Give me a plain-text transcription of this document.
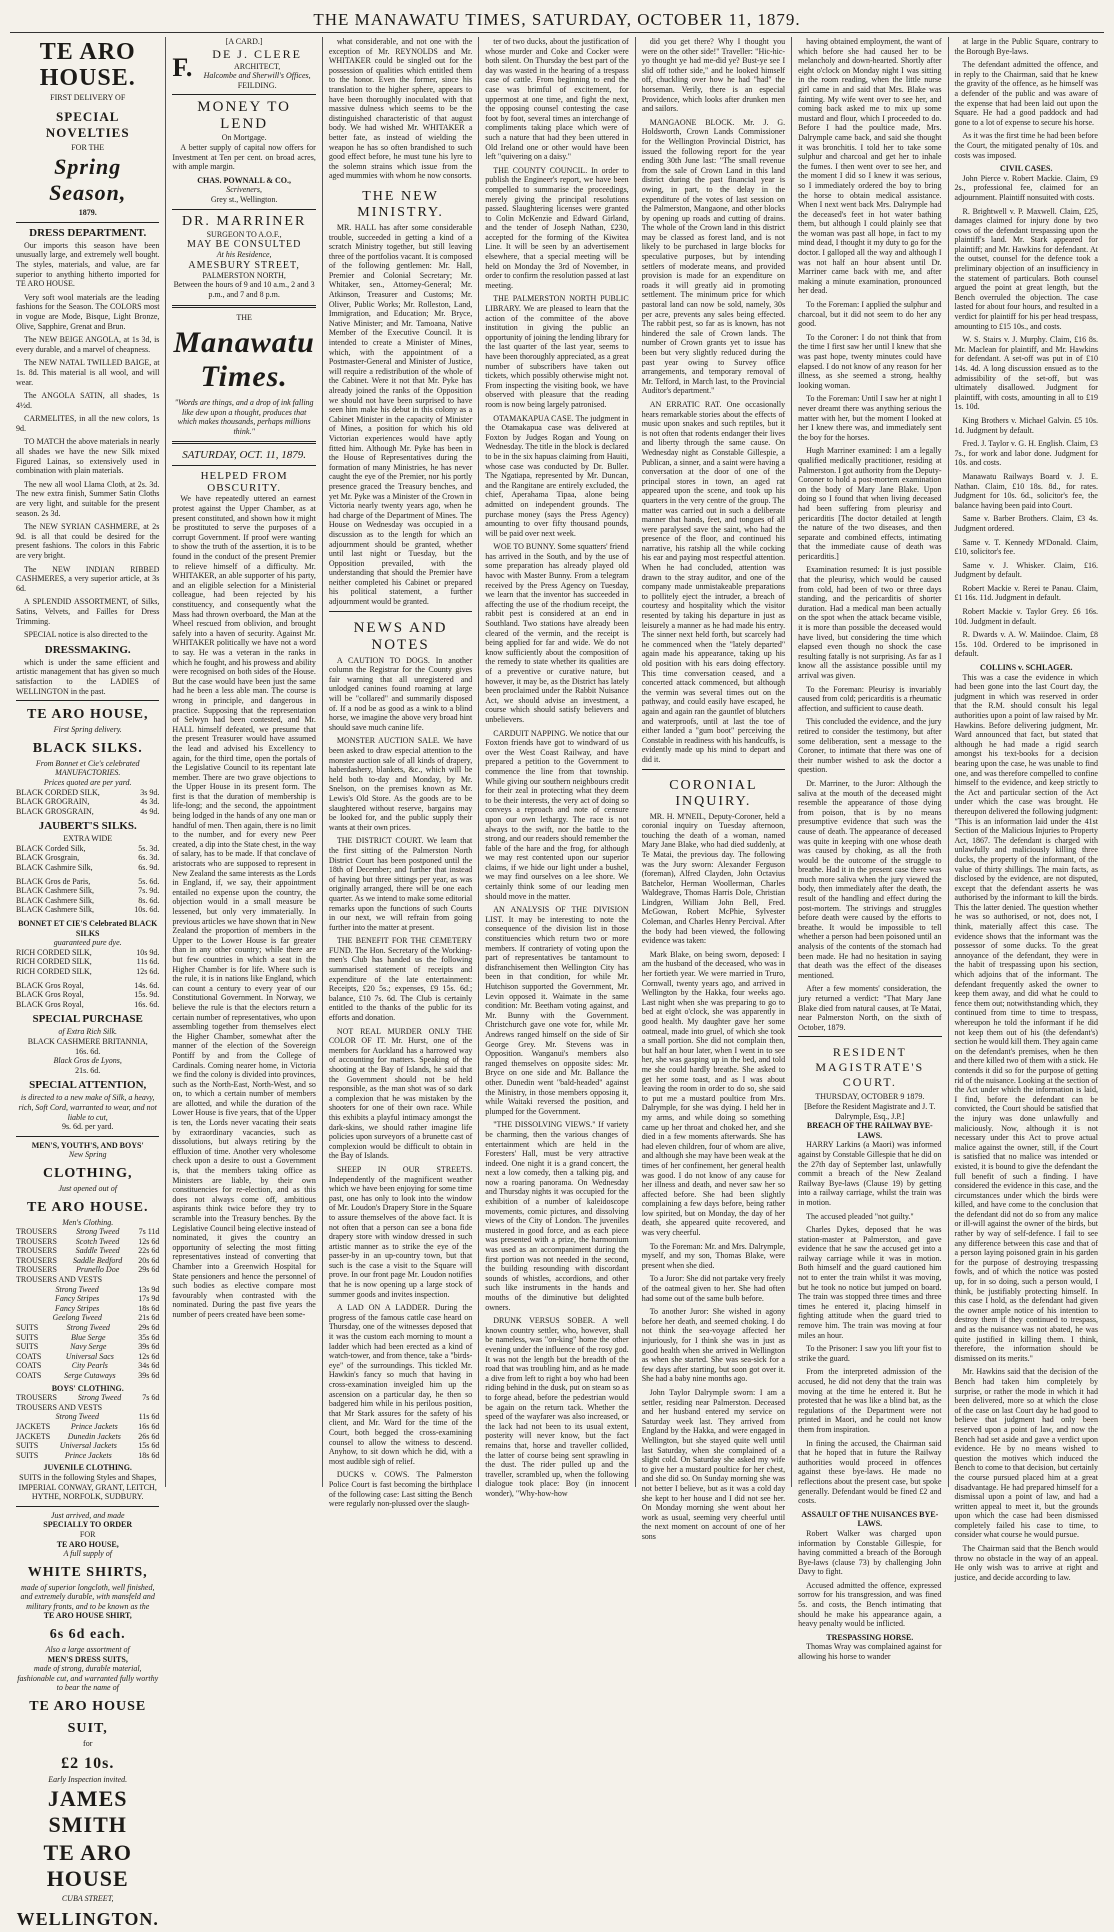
THE MANAWATU TIMES, SATURDAY, OCTOBER 11, 1879.
TE ARO HOUSE.
FIRST DELIVERY OF
SPECIAL NOVELTIES
FOR THE
Spring Season,
1879.
DRESS DEPARTMENT.

Our imports this season have been unusually large, and extremely well bought. The styles, materials, and value, are far superior to anything hitherto imported for TE ARO HOUSE.

Very soft wool materials are the leading fashions for the Season. The COLORS most in vogue are Mode, Bisque, Light Bronze, Olive, Sapphire, Grenat and Brun.

The NEW BEIGE ANGOLA, at 1s 3d, is every durable, and a marvel of cheapness.

The NEW NATAL TWILLED BAIGE, at 1s. 8d. This material is all wool, and will wear.

The ANGOLA SATIN, all shades, 1s 4½d.

CARMELITES, in all the new colors, 1s 9d.

TO MATCH the above materials in nearly all shades we have the new Silk mixed Figured Lainas, so extensively used in combination with plain materials.

The new all wool Llama Cloth, at 2s. 3d. The new extra finish, Summer Satin Cloths are very light, and suitable for the present season. 2s 3d.

The NEW SYRIAN CASHMERE, at 2s 9d. is all that could be desired for the present fashions. The colors in this Fabric are very bright.

The NEW INDIAN RIBBED CASHMERES, a very superior article, at 3s 6d.

A SPLENDID ASSORTMENT, of Silks, Satins, Velvets, and Failles for Dress Trimming.

SPECIAL notice is also directed to the

DRESSMAKING.

which is under the same efficient and artistic management that has given so much satisfaction to the LADIES of WELLINGTON in the past.

TE ARO HOUSE,
First Spring delivery.
BLACK SILKS.
From Bonnet et Cie's celebrated MANUFACTORIES.
Prices quoted are per yard.
BLACK CORDED SILK,	3s 9d.
BLACK GROGRAIN,	4s 3d.
BLACK GROSGRAIN,	4s 9d.
JAUBERT'S SILKS.
EXTRA WIDE
BLACK Corded Silk,	5s. 3d.
BLACK Grosgrain,	6s. 3d.
BLACK Cashmire Silk,	6s. 9d.
BLACK Gros de Paris,	5s. 6d.
BLACK Cashmere Silk,	7s. 9d.
BLACK Cashmere Silk,	8s. 6d.
BLACK Cashmere Silk,	10s. 6d.
BONNET ET CIE'S Celebrated BLACK SILKS
guaranteed pure dye.
RICH CORDED SILK,	10s 9d.
RICH CORDED SILK,	11s 6d.
RICH CORDED SILK,	12s 6d.
BLACK Gros Royal,	14s. 6d.
BLACK Gros Royal,	15s. 9d.
BLACK Gros Royal,	16s. 6d.
SPECIAL PURCHASE
of Extra Rich Silk.
BLACK CASHMERE BRITANNIA,
16s. 6d.
Black Gros de Lyons,
21s. 6d.
SPECIAL ATTENTION,
is directed to a new make of Silk, a heavy, rich, Soft Cord, warranted to wear, and not liable to cut,
9s. 6d. per yard.
MEN'S, YOUTH'S, AND BOYS'
New Spring
CLOTHING,
Just opened out of
TE ARO HOUSE.
Men's Clothing.
TROUSERS Strong Tweed 7s 11d
TROUSERS Scotch Tweed 12s 6d
TROUSERS Saddle Tweed 22s 6d
TROUSERS Saddle Bedford 20s 6d
TROUSERS Prunello Doe 29s 6d
TROUSERS AND VESTS
Strong Tweed	13s 9d
Fancy Stripes	17s 9d
Fancy Stripes	18s 6d
Geelong Tweed	21s 6d
SUITS	Strong Tweed	29s 6d
SUITS	Blue Serge	35s 6d
SUITS	Navy Serge	39s 6d
COATS	Universal Sacs	12s 6d
COATS	City Pearls	34s 6d
COATS	Serge Cutaways	39s 6d
BOYS' CLOTHING.
TROUSERS	Strong Tweed	7s 6d
TROUSERS AND VESTS
Strong Tweed	11s 6d
JACKETS	Prince Jackets	16s 6d
JACKETS Dunedin Jackets 26s 6d
SUITS	Universal Jackets	15s 6d
SUITS	Prince Jackets	18s 6d
JUVENILE CLOTHING.
SUITS in the following Styles and Shapes, IMPERIAL CONWAY, GRANT, LEITCH, HYTHE, NORFOLK, SUDBURY.
Just arrived, and made
SPECIALLY TO ORDER
FOR
TE ARO HOUSE,
A full supply of
WHITE SHIRTS,
made of superior longcloth, well finished, and extremely durable, with mansfeld and military fronts, and to be known as the
TE ARO HOUSE SHIRT,
6s 6d each.
Also a large assortment of
MEN'S DRESS SUITS,
made of strong, durable material, fashionable cut, and warranted fully worthy to bear the name of
TE ARO HOUSE
SUIT,
for
£2 10s.
Early Inspection invited.
JAMES SMITH
TE ARO HOUSE
CUBA STREET,
WELLINGTON.
[A CARD.]
F.	DE J. CLERE
ARCHITECT,
Halcombe and Sherwill's Offices,
FEILDING.
MONEY TO LEND
On Mortgage.

A better supply of capital now offers for Investment at Ten per cent. on broad acres, with ample margin.

CHAS. POWNALL & CO.,
Scriveners,
Grey st., Wellington.
DR. MARRINER
SURGEON TO A.O.F.,
MAY BE CONSULTED
At his Residence,
AMESBURY STREET,
PALMERSTON NORTH,
Between the hours of 9 and 10 a.m., 2 and 3 p.m., and 7 and 8 p.m.
THE
Manawatu Times.
"Words are things, and a drop of ink falling like dew upon a thought, produces that which makes thousands, perhaps millions think."
SATURDAY, OCT. 11, 1879.
HELPED FROM OBSCURITY.

We have repeatedly uttered an earnest protest against the Upper Chamber, as at present constituted, and shown how it might be prostituted to serve the purposes of a corrupt Government. If proof were wanting to show the truth of the assertion, it is to be found in the conduct of the present Premier to relieve himself of a difficulty. Mr. WHITAKER, an able supporter of his party, and an eligible selection for a Ministerial colleague, had been rejected by his constituency, and consequently what the Mass had thrown overboard, the Man at the Wheel rescued from oblivion, and brought safely into a haven of security. Against Mr. WHITAKER politically we have not a word to say. He was a veteran in the ranks in which he fought, and his prowess and ability were recognised on both sides of the House. But the case would have been just the same had he been a less able man. The course is wrong in principle, and dangerous in practice. Supposing that the representation of Selwyn had been contested, and Mr. HALL himself defeated, we presume that the present Treasurer would have assumed the lead and advised his Excellency to again, for the third time, open the portals of the Legislative Council to its repentant late member. There are two grave objections to the Upper House in its present form. The first is that the duration of membership is life-long; and the second, the appointment being lodged in the hands of any one man or handful of men. Then again, there is no limit to the number, and for every new Peer created, a dip into the State chest, in the way of salary, has to be made. If that conclave of aristocrats who are supposed to represent in New Zealand the same interests as the Lords in England, if, we say, their appointment entailed no expense upon the country, the objection would in a small measure be lessened, but only very immaterially. In previous articles we have shown that in New Zealand the proportion of members in the Upper to the Lower House is far greater than in any other country; while there are but few countries in which a seat in the Higher Chamber is for life. Where such is the rule, it is in nations like England, which can count a century to every year of our Constitutional Government. In Norway, we believe the rule is that the electors return a certain number of representatives, who upon assembling together from themselves elect the Higher Chamber, somewhat after the manner of the election of the Sovereign Pontiff by and from the College of Cardinals. Coming nearer home, in Victoria we find the colony is divided into provinces, such as the North-East, North-West, and so on, to which a certain number of members are allotted, and while the duration of the Lower House is five years, that of the Upper is ten, the Lords never vacating their seats by extraordinary vacancies, such as dissolutions, but always retiring by the effluxion of time. Another very wholesome check upon a desire to oust a Government is, that the members taking office as Ministers are liable, by their own constituencies for re-election, and as this does not always come off, ambitious aspirants think twice before they try to scramble into the Treasury benches. By the Legislative Council being elective instead of nominated, it gives the country an opportunity of selecting the most fitting representatives instead of converting that Chamber into a Greenwich Hospital for State pensioners and hence the personnel of such bodies as elective compare most favourably when contrasted with the nominated. During the past five years the number of peers created have been some-

what considerable, and not one with the exception of Mr. REYNOLDS and Mr. WHITAKER could be singled out for the possession of qualities which entitled them to the honor. Even the former, since his translation to the higher sphere, appears to have been thoroughly inoculated with that massive dulness which seems to be the distinguished characteristic of that august body. We had wished Mr. WHITAKER a better fate, as instead of wielding the weapon he has so often brandished to such good effect before, he must tune his lyre to the solemn strains which issue from the aged mummies with whom he now consorts.

THE NEW MINISTRY.

MR. HALL has after some considerable trouble, succeeded in getting a kind of a scratch Ministry together, but still leaving three of the portfolios vacant. It is composed of the following gentlemen: Mr. Hall, Premier and Colonial Secretary; Mr. Whitaker, sen., Attorney-General; Mr. Atkinson, Treasurer and Customs; Mr. Oliver, Public Works; Mr. Rolleston, Land, Immigration, and Education; Mr. Bryce, Native Minister; and Mr. Tamoana, Native Member of the Executive Council. It is intended to create a Minister of Mines, which, with the appointment of a Postmaster-General and Minister of Justice, will require a redistribution of the whole of the Cabinet. Were it not that Mr. Pyke has already joined the ranks of the Opposition we should not have been surprised to have seen him make his debut in this colony as a Cabinet Minister in the capacity of Minister of Mines, a position for which his old Victorian experiences would have aptly fitted him. Although Mr. Pyke has been in the House of Representatives during the formation of many Ministries, he has never caught the eye of the Premier, nor his portly presence graced the Treasury benches, and yet Mr. Pyke was a Minister of the Crown in Victoria nearly twenty years ago, when he had charge of the Department of Mines. The House on Wednesday was occupied in a discussion as to the length for which an adjournment should be granted, whether until last night or Tuesday, but the Opposition prevailed, with the understanding that should the Premier have neither completed his Cabinet or prepared his political statement, a further adjournment would be granted.

NEWS AND NOTES

A CAUTION TO DOGS. In another column the Registrar for the County gives fair warning that all unregistered and unlodged canines found roaming at large will be "collared" and summarily disposed of. If a nod be as good as a wink to a blind horse, we imagine the above very broad hint should save much canine life.

MONSTER AUCTION SALE. We have been asked to draw especial attention to the monster auction sale of all kinds of drapery, haberdashery, blankets, &c., which will be held both to-day and Monday, by Mr. Snelson, on the premises known as Mr. Lewis's Old Store. As the goods are to be slaughtered without reserve, bargains may be looked for, and the public supply their wants at their own prices.

THE DISTRICT COURT. We learn that the first sitting of the Palmerston North District Court has been postponed until the 18th of December; and further that instead of having but three sittings per year, as was originally arranged, there will be one each quarter. As we intend to make some editorial remarks upon the functions of such Courts in our next, we will refrain from going further into the matter at present.

THE BENEFIT FOR THE CEMETERY FUND. The Hon. Secretary of the Working-men's Club has handed us the following summarised statement of receipts and expenditure of the late entertainment: Receipts, £20 5s.; expenses, £9 15s. 6d.; balance, £10 7s. 6d. The Club is certainly entitled to the thanks of the public for its efforts and donation.

NOT REAL MURDER ONLY THE COLOR OF IT. Mr. Hurst, one of the members for Auckland has a harrowed way of accounting for matters. Speaking of the shooting at the Bay of Islands, he said that the Government should not be held responsible, as the man shot was of so dark a complexion that he was mistaken by the shooters for one of their own race. While this exhibits a playful intimacy amongst the dark-skins, we should rather imagine life policies upon surveyors of a brunette cast of complexion would be difficult to obtain in the Bay of Islands.

SHEEP IN OUR STREETS. Independently of the magnificent weather which we have been enjoying for some time past, one has only to look into the window of Mr. Loudon's Drapery Store in the Square to assure themselves of the above fact. It is not often that a person can see a bona fide drapery store with window dressed in such artistic manner as to strike the eye of the passer-by in an up-country town, but that such is the case a visit to the Square will prove. In our front page Mr. Loudon notifies that he is now opening up a large stock of summer goods and invites inspection.

A LAD ON A LADDER. During the progress of the famous cattle case heard on Thursday, one of the witnesses deposed that it was the custom each morning to mount a ladder which had been erected as a kind of watch-tower, and from thence, take a "birds-eye" of the surroundings. This tickled Mr. Hawkin's fancy so much that having in cross-examination inveigled him up the ascension on a particular day, he then so badgered him while in his perilous position, that Mr Stark assures for the safety of his client, and Mr. Ward for the time of the Court, both begged the cross-examining counsel to allow the witness to descend. Anyhow, to sit down which he did, with a most audible sigh of relief.

DUCKS v. COWS. The Palmerston Police Court is fast becoming the birthplace of the following case: Last sitting the Bench were regularly non-plussed over the slaugh-

ter of two ducks, about the justification of whose murder and Coke and Cocker were both silent. On Thursday the best part of the day was wasted in the hearing of a trespass case of cattle. From beginning to end the case was brimful of excitement, for uppermost at one time, and fight the next, the opposing counsel contesting the case foot by foot, several times an interchange of compliments taking place which were of such a nature that had they been uttered in Old Ireland one or other would have been left "quivering on a daisy."

THE COUNTY COUNCIL. In order to publish the Engineer's report, we have been compelled to summarise the proceedings, merely giving the principal resolutions passed. Slaughtering licenses were granted to Colin McKenzie and Edward Girland, and the tender of Joseph Nathan, £230, accepted for the forming of the Kiwitea Line. It will be seen by an advertisement elsewhere, that a special meeting will be held on Monday the 3rd of November, in order to confirm the resolution passed at last meeting.

THE PALMERSTON NORTH PUBLIC LIBRARY. We are pleased to learn that the action of the committee of the above institution in giving the public an opportunity of joining the lending library for the last quarter of the last year, seems to have been thoroughly appreciated, as a great number of subscribers have taken out tickets, which possibly otherwise might not. From inspecting the visiting book, we have observed with pleasure that the reading room is now being largely patronised.

OTAMAKAPUA CASE. The judgment in the Otamakapua case was delivered at Foxton by Judges Rogan and Young on Wednesday. The title in the block is declared to be in the six hapuas claiming from Hauiti, whose case was conducted by Dr. Buller. The Ngatiapa, represented by Mr. Duncan, and the Rangitane are entirely excluded, the chief, Aperahama Tipaa, alone being admitted on independent grounds. The purchase money (says the Press Agency) amounting to over fifty thousand pounds, will be paid over next week.

WOE TO BUNNY. Some squatters' friend has arrived in the South, and by the use of some preparation has already played old havoc with Master Bunny. From a telegram received by the Press Agency on Tuesday, we learn that the inventor has succeeded in affecting the use of the rhodium receipt, the rabbit pest is considered at an end in Southland. Two stations have already been cleared of the vermin, and the receipt is being applied for far and wide. We do not know sufficiently about the composition of the remedy to state whether its qualities are of a preventive or curative nature, but however, it may be, as the District has lately been proclaimed under the Rabbit Nuisance Act, we should advise an investment, a course which should satisfy believers and unbelievers.

CARDUIT NAPPING. We notice that our Foxton friends have got to windward of us over the West Coast Railway, and have prepared a petition to the Government to commence the line from that township. While giving our southern neighbours credit for their zeal in protecting what they deem to be their interests, the very act of doing so conveys a reproach and note of censure upon our own lethargy. The race is not always to the swift, nor the battle to the strong, and our readers should remember the fable of the hare and the frog, for although we may rest contented upon our superior claims, if we hide our light under a bushel, we may find ourselves on a lee shore. We certainly think some of our leading men should move in the matter.

AN ANALYSIS OF THE DIVISION LIST. It may be interesting to note the consequence of the division list in those constituencies which return two or more members. If contrariety of voting upon the part of representatives be tantamount to disfranchisement then Wellington City has been in that condition, for while Mr. Hutchison supported the Government, Mr. Levin opposed it. Waimate in the same condition: Mr. Beetham voting against, and Mr. Bunny with the Government. Christchurch gave one vote for, while Mr. Andrews ranged himself on the side of Sir George Grey. Mr. Stevens was in Opposition. Wanganui's members also ranged themselves on opposite sides: Mr. Bryce on one side and Mr. Ballance the other. Dunedin went "bald-headed" against the Ministry, in those members opposing it, while Waitaki reversed the position, and plumped for the Government.

"THE DISSOLVING VIEWS." If variety be charming, then the various changes of entertainment which are held in the Foresters' Hall, must be very attractive indeed. One night it is a grand concert, the next a low comedy, then a talking pig, and now a roaring panorama. On Wednesday and Thursday nights it was occupied for the exhibition of a number of kaleidoscope movements, comic pictures, and dissolving views of the City of London. The juveniles mustered in good force, and as each piece was presented with a prize, the harmonium was used as an accompaniment during the first portion was not needed in the second, the building resounding with discordant sounds of whistles, accordions, and other such like instruments in the hands and mouths of the diminutive but delighted owners.

DRUNK VERSUS SOBER. A well known country settler, who, however, shall be nameless, was "on-king" home the other evening under the influence of the rosy god. It was not the length but the breadth of the road that was troubling him, and as he made a dive from left to right a boy who had been riding behind in the dusk, put on steam so as to forge ahead, before the pedestrian would be again on the return tack. Whether the speed of the wayfarer was also increased, or the lack had not been to its usual extent, posterity will never know, but the fact remains that, horse and traveller collided, the latter of course being sent sprawling in the dust. The rider pulled up and the traveller, scrambled up, when the following dialogue took place: Boy (in innocent wonder), "Why-how-how

did you get there? Why I thought you were on the other side!" Traveller: "Hic-hic-yo thought ye had me-did ye? Bust-ye see I slid off tother side," and he looked himself off, chuckling over how he had "had" the horseman. Verily, there is an especial Providence, which looks after drunken men and sailors.

MANGAONE BLOCK. Mr. J. G. Holdsworth, Crown Lands Commissioner for the Wellington Provincial District, has issued the following report for the year ending 30th June last: "The small revenue from the sale of Crown Land in this land district during the past financial year is owing, in part, to the delay in the expenditure of the votes of last session on the Palmerston, Mangaone, and other blocks by opening up roads and cutting of drains. The whole of the Crown land in this district may be classed as forest land, and is not likely to be purchased in large blocks for speculative purposes, but by intending settlers of moderate means, and provided provision is made for an expenditure on roads it will greatly aid in promoting settlement. The minimum price for which pastoral land can now be sold, namely, 30s per acre, prevents any sales being effected. The rabbit pest, so far as is known, has not hindered the sale of Crown lands. The number of Crown grants yet to issue has been but very slightly reduced during the past year owing to Survey office arrangements, and temporary removal of Mr. Telford, in March last, to the Provincial Auditor's department."

AN ERRATIC RAT. One occasionally hears remarkable stories about the effects of music upon snakes and such reptiles, but it is not often that rodents endanger their lives and liberty through the same cause. On Wednesday night as Constable Gillespie, a Publican, a sinner, and a saint were having a conversation at the door of one of the principal stores in town, an aged rat appeared upon the scene, and took up his quarters in the very centre of the group. The matter was carried out in such a deliberate manner that hands, feet, and tongues of all were paralysed save the saint, who had the presence of the floor, and continued his narrative, his ratship all the while cocking his ear and paying most respectful attention. When he had concluded, attention was drawn to the stray auditor, and one of the company made unmistakeable preparations to pollitely eject the intruder, a breach of courtesy and hospitality which the visitor resented by taking his departure in just as leisurely a manner as he had made his entry. The sinner next held forth, but scarcely had he commenced when the "lately departed" again made his appearance, taking up his old position with his ears doing effectory. This time conversation ceased, and a concerted attack commenced, but although the vermin was several times out on the pathway, and could easily have escaped, he again and again ran the gauntlet of blutchers and waterproofs, until at last the toe of either landed a "gum boot" perceiving the Constable in readiness with his handcuffs, is evidently made up his mind to depart and did it.

CORONIAL INQUIRY.

MR. H. M'NEIL, Deputy-Coroner, held a coronial inquiry on Tuesday afternoon, touching the death of a woman, named Mary Jane Blake, who had died suddenly, at Te Matai, the previous day. The following was the Jury sworn: Alexander Ferguson (foreman), Alfred Clayden, John Octavius Batchelor, Herman Woollerman, Charles Waldegrave, Thomas Harris Dole, Christian Lindgren, William John Bell, Fred. McGowan, Robert McPhie, Sylvester Coleman, and Charles Henry Percival. After the body had been viewed, the following evidence was taken:

Mark Blake, on being sworn, deposed: I am the husband of the deceased, who was in her fortieth year. We were married in Truro, Cornwall, twenty years ago, and arrived in Wellington by the Hakka, four weeks ago. Last night when she was preparing to go to bed at eight o'clock, she was apparently in good health. My daughter gave her some oatmeal, made into gruel, of which she took a small portion. She did not complain then, but half an hour later, when I went in to see her, she was gasping up in the bed, and told me she could hardly breathe. She asked to get her some toast, and as I was about leaving the room in order to do so, she said to put me a mustard poultice from Mrs. Dalrymple, for she was dying. I held her in my arms, and while doing so something came up her throat and choked her, and she died in a few moments afterwards. She has had eleven children, four of whom are alive, and although she may have been weak at the times of her confinement, her general health was good. I do not know of any cause for her illness and death, and never saw her so affected before. She had been slightly complaining a few days before, being rather low spirited, but on Monday, the day of her death, she appeared quite recovered, and was very cheerful.

To the Foreman: Mr. and Mrs. Dalrymple, myself, and my son, Thomas Blake, were present when she died.

To a Juror: She did not partake very freely of the oatmeal given to her. She had often had some out of the same bulb before.

To another Juror: She wished in agony before her death, and seemed choking. I do not think the sea-voyage affected her injuriously, for I think she was in just as good health when she arrived in Wellington as when she started. She was sea-sick for a few days after starting, but soon got over it. She had a baby nine months ago.

John Taylor Dalrymple sworn: I am a settler, residing near Palmerston. Deceased and her husband entered my service on Saturday week last. They arrived from England by the Hakka, and were engaged in Wellington, but she stayed quite well until last Saturday, when she complained of a slight cold. On Saturday she asked my wife to give her a mustard poultice for her chest, and she did so. On Sunday morning she was not better I believe, but as it was a cold day she kept to her house and I did not see her. On Monday morning she went about her work as usual, seeming very cheerful until the next moment on account of one of her sons

having obtained employment, the want of which before she had caused her to be melancholy and down-hearted. Shortly after eight o'clock on Monday night I was sitting in the room reading, when the little nurse girl came in and said that Mrs. Blake was fainting. My wife went over to see her, and coming back asked me to mix up some mustard and flour, which I proceeded to do. Before I had the poultice made, Mrs. Dalrymple came back, and said she thought it was bronchitis. I told her to take some sulphur and charcoal and get her to inhale the fumes. I then went over to see her, and the moment I did so I knew it was serious, so I immediately ordered the boy to bring the horse to obtain medical assistance. When I next went back Mrs. Dalrymple had the deceased's feet in hot water bathing them, but although I could plainly see that the woman was past all hope, in fact to my mind dead, I thought it my duty to go for the doctor. I galloped all the way and although I was not half an hour absent until Dr. Marriner came back with me, and after making a minute examination, pronounced her dead.

To the Foreman: I applied the sulphur and charcoal, but it did not seem to do her any good.

To the Coroner: I do not think that from the time I first saw her until I knew that she was past hope, twenty minutes could have elapsed. I do not know of any reason for her illness, as she seemed a strong, healthy looking woman.

To the Foreman: Until I saw her at night I never dreamt there was anything serious the matter with her, but the moment I looked at her I knew there was, and immediately sent the boy for the horses.

Hugh Marriner examined: I am a legally qualified medically practitioner, residing at Palmerston. I got authority from the Deputy-Coroner to hold a post-mortem examination on the body of Mary Jane Blake. Upon doing so I found that when living deceased had been suffering from pleurisy and pericarditis [The doctor detailed at length the nature of the two diseases, and then separate and combined effects, intimating that the immediate cause of death was pericarditis.]

Examination resumed: It is just possible that the pleurisy, which would be caused from cold, had been of two or three days standing, and the pericarditis of shorter duration. Had a medical man been actually on the spot when the attack became visible, it is more than possible the deceased would have lived, but considering the time which elapsed even though no shock the case resulting fatally is not surprising. As far as I know all the assistance possible until my arrival was given.

To the Foreman: Pleurisy is invariably caused from cold; pericarditis is a rheumatic affection, and sufficient to cause death.

This concluded the evidence, and the jury retired to consider the testimony, but after some deliberation, sent a message to the Coroner, to intimate that there was one of their number wished to ask the doctor a question.

Dr. Marriner, to the Juror: Although the saliva at the mouth of the deceased might resemble the appearance of those dying from poison, that is by no means presumptive evidence that such was the cause of death. The appearance of deceased was quite in keeping with one whose death was caused by choking, as all the froth would be the outcome of the struggle to breathe. Had it in the present case there was much more saliva when the jury viewed the body, then immediately after the death, the result of the handling and effect during the post-mortem. The strivings and struggles before death were caused by the efforts to breathe. It would be impossible to tell whether a person had been poisoned until an analysis of the contents of the stomach had been made. He had no hesitation in saying that death was the effect of the diseases mentioned.

After a few moments' consideration, the jury returned a verdict: "That Mary Jane Blake died from natural causes, at Te Matai, near Palmerston North, on the sixth of October, 1879.

RESIDENT MAGISTRATE'S COURT.
THURSDAY, OCTOBER 9 1879.
[Before the Resident Magistrate and J. T. Dalrymple, Esq., J.P.]
BREACH OF THE RAILWAY BYE-LAWS.

HARRY Larkins (a Maori) was informed against by Constable Gillespie that he did on the 27th day of September last, unlawfully commit a breach of the New Zealand Railway Bye-laws (Clause 19) by getting into a railway carriage, whilst the train was in motion.

The accused pleaded "not guilty."

Charles Dykes, deposed that he was station-master at Palmerston, and gave evidence that he saw the accused get into a railway carriage while it was in motion. Both himself and the guard cautioned him not to enter the train whilst it was moving, but he took no notice but jumped on board. The train was stopped three times and three times he entered it, placing himself in fighting attitude when the guard tried to remove him. The train was moving at four miles an hour.

To the Prisoner: I saw you lift your fist to strike the guard.

From the interpreted admission of the accused, he did not deny that the train was moving at the time he entered it. But he protested that he was like a blind bat, as the regulations of the Department were not printed in Maori, and he could not know them from inspiration.

In fining the accused, the Chairman said that he hoped that in future the Railway authorities would proceed in offences against these bye-laws. He made no reflections about the present case, but spoke generally. Defendant would be fined £2 and costs.

ASSAULT OF THE NUISANCES BYE-LAWS.

Robert Walker was charged upon information by Constable Gillespie, for having committed a breach of the Borough Bye-laws (clause 73) by challenging John Davy to fight.

Accused admitted the offence, expressed sorrow for his transgression, and was fined 5s. and costs, the Bench intimating that should he make his appearance again, a heavy penalty would be inflicted.

TRESPASSING HORSE.

Thomas Wray was complained against for allowing his horse to wander

at large in the Public Square, contrary to the Borough Bye-laws.

The defendant admitted the offence, and in reply to the Chairman, said that he knew the gravity of the offence, as he himself was a defender of the public and was aware of the expense that had been laid out upon the Square. He had a good paddock and had gone to a lot of expense to secure his horse.

As it was the first time he had been before the Court, the mitigated penalty of 10s. and costs was imposed.

CIVIL CASES.

John Pierce v. Robert Mackie. Claim, £9 2s., professional fee, claimed for an adjournment. Plaintiff nonsuited with costs.

R. Brightwell v. P. Maxwell. Claim, £25, damages claimed for injury done by two cows of the defendant trespassing upon the plaintiff's land. Mr. Stark appeared for plaintiff; and Mr. Hawkins for defendant. At the outset, counsel for the defence took a preliminary objection of an insufficiency in the statement of particulars. Both counsel argued the point at great length, but the Bench overruled the objection. The case lasted for about four hours, and resulted in a verdict for plaintiff for his per head trespass, amounting to £15 10s., and costs.

W. S. Stairs v. J. Murphy. Claim, £16 8s. Mr. Maclean for plaintiff, and Mr. Hawkins for defendant. A set-off was put in of £10 14s. 4d. A long discussion ensued as to the admissibility of the set-off, but was ultimately disallowed. Judgment for plaintiff, with costs, amounting in all to £19 1s. 10d.

King Brothers v. Michael Galvin. £5 10s. 1d. Judgment by default.

Fred. J. Taylor v. G. H. English. Claim, £3 7s., for work and labor done. Judgment for 10s. and costs.

Manawatu Railways Board v. J. E. Nathan. Claim, £10 18s. 8d., for rates. Judgment for 10s. 6d., solicitor's fee, the balance having been paid into Court.

Same v. Barber Brothers. Claim, £3 4s. Judgment ordered.

Same v. T. Kennedy M'Donald. Claim, £10, solicitor's fee.

Same v. J. Whisker. Claim, £16. Judgment by default.

Robert Mackie v. Rerei te Panau. Claim, £1 16s. 11d. Judgment in default.

Robert Mackie v. Taylor Grey. £6 16s. 10d. Judgment in default.

R. Dwards v. A. W. Maiindoe. Claim, £8 15s. 10d. Ordered to be imprisoned in default.

COLLINS v. SCHLAGER.

This was a case the evidence in which had been gone into the last Court day, the judgment in which was reserved in order that the R.M. should consult his legal authorities upon a point of law raised by Mr. Hawkins. Before delivering judgment, Mr. Ward announced that fact, but stated that although he had made a rigid search amongst his text-books for a decision bearing upon the case, he was unable to find one, and was therefore compelled to confine himself to the evidence, and keep strictly to the Act and particular section of the Act under which the case was brought. He thereupon delivered the following judgment: "This is an information laid under the 41st Section of the Malicious Injuries to Property Act, 1867. The defendant is charged with unlawfully and maliciously killing three ducks, the property of the informant, of the value of thirty shillings. The main facts, as disclosed by the evidence, are not disputed, except that the defendant asserts he was authorised by the informant to kill the birds. This the latter denied. The question whether he was so authorised, or not, does not, I think, materially affect this case. The evidence shows that the informant was the possessor of some ducks. To the great annoyance of the defendant, they were in the habit of trespassing upon his section, which adjoins that of the informant. The defendant frequently asked the owner to keep them away, and did what he could to fence them out; notwithstanding which, they continued from time to time to trespass, whereupon he told the informant if he did not keep them out of his (the defendant's) section he would kill them. They again came on the defendant's premises, when he then and there killed two of them with a stick. He contends it did so for the purpose of getting rid of the nuisance. Looking at the section of the Act under which the information is laid, I find, before the defendant can be convicted, the Court should be satisfied that the injury was done unlawfully and maliciously. Now, although it is not necessary under this Act to prove actual malice against the owner, still, if the Court is satisfied that no malice was intended or existed, it is bound to give the defendant the full benefit of such a finding. I have considered the evidence in this case, and the circumstances under which the birds were killed, and have come to the conclusion that the defendant did not do so from any malice or ill-will against the owner of the birds, but rather by way of self-defence. I fail to see any difference between this case and that of a person laying poisoned grain in his garden for the purpose of destroying trespassing fowls, and of which the notice was posted up, for in so doing, such a person would, I think, be justifiably protecting himself. In this case I hold, as the defendant had given the owner ample notice of his intention to destroy them if they continued to trespass, and as the nuisance was not abated, he was quite justified in killing them. I think, therefore, the information should be dismissed on its merits."

Mr. Hawkins said that the decision of the Bench had taken him completely by surprise, or rather the mode in which it had been delivered, more so at which the close of the case on last Court day he had good to believe that judgment had only been reserved upon a point of law, and now the Bench had set aside and gave a verdict upon evidence. He by no means wished to question the motives which induced the Bench to come to that decision, but certainly the course pursued placed him at a great disadvantage. He had prepared himself for a dismissal upon a point of law, and had a written appeal to meet it, but the grounds upon which the case had been dismissed completely failed his case to time, to consider what course he would pursue.

The Chairman said that the Bench would throw no obstacle in the way of an appeal. He only wish was to arrive at right and justice, and decide according to law.
